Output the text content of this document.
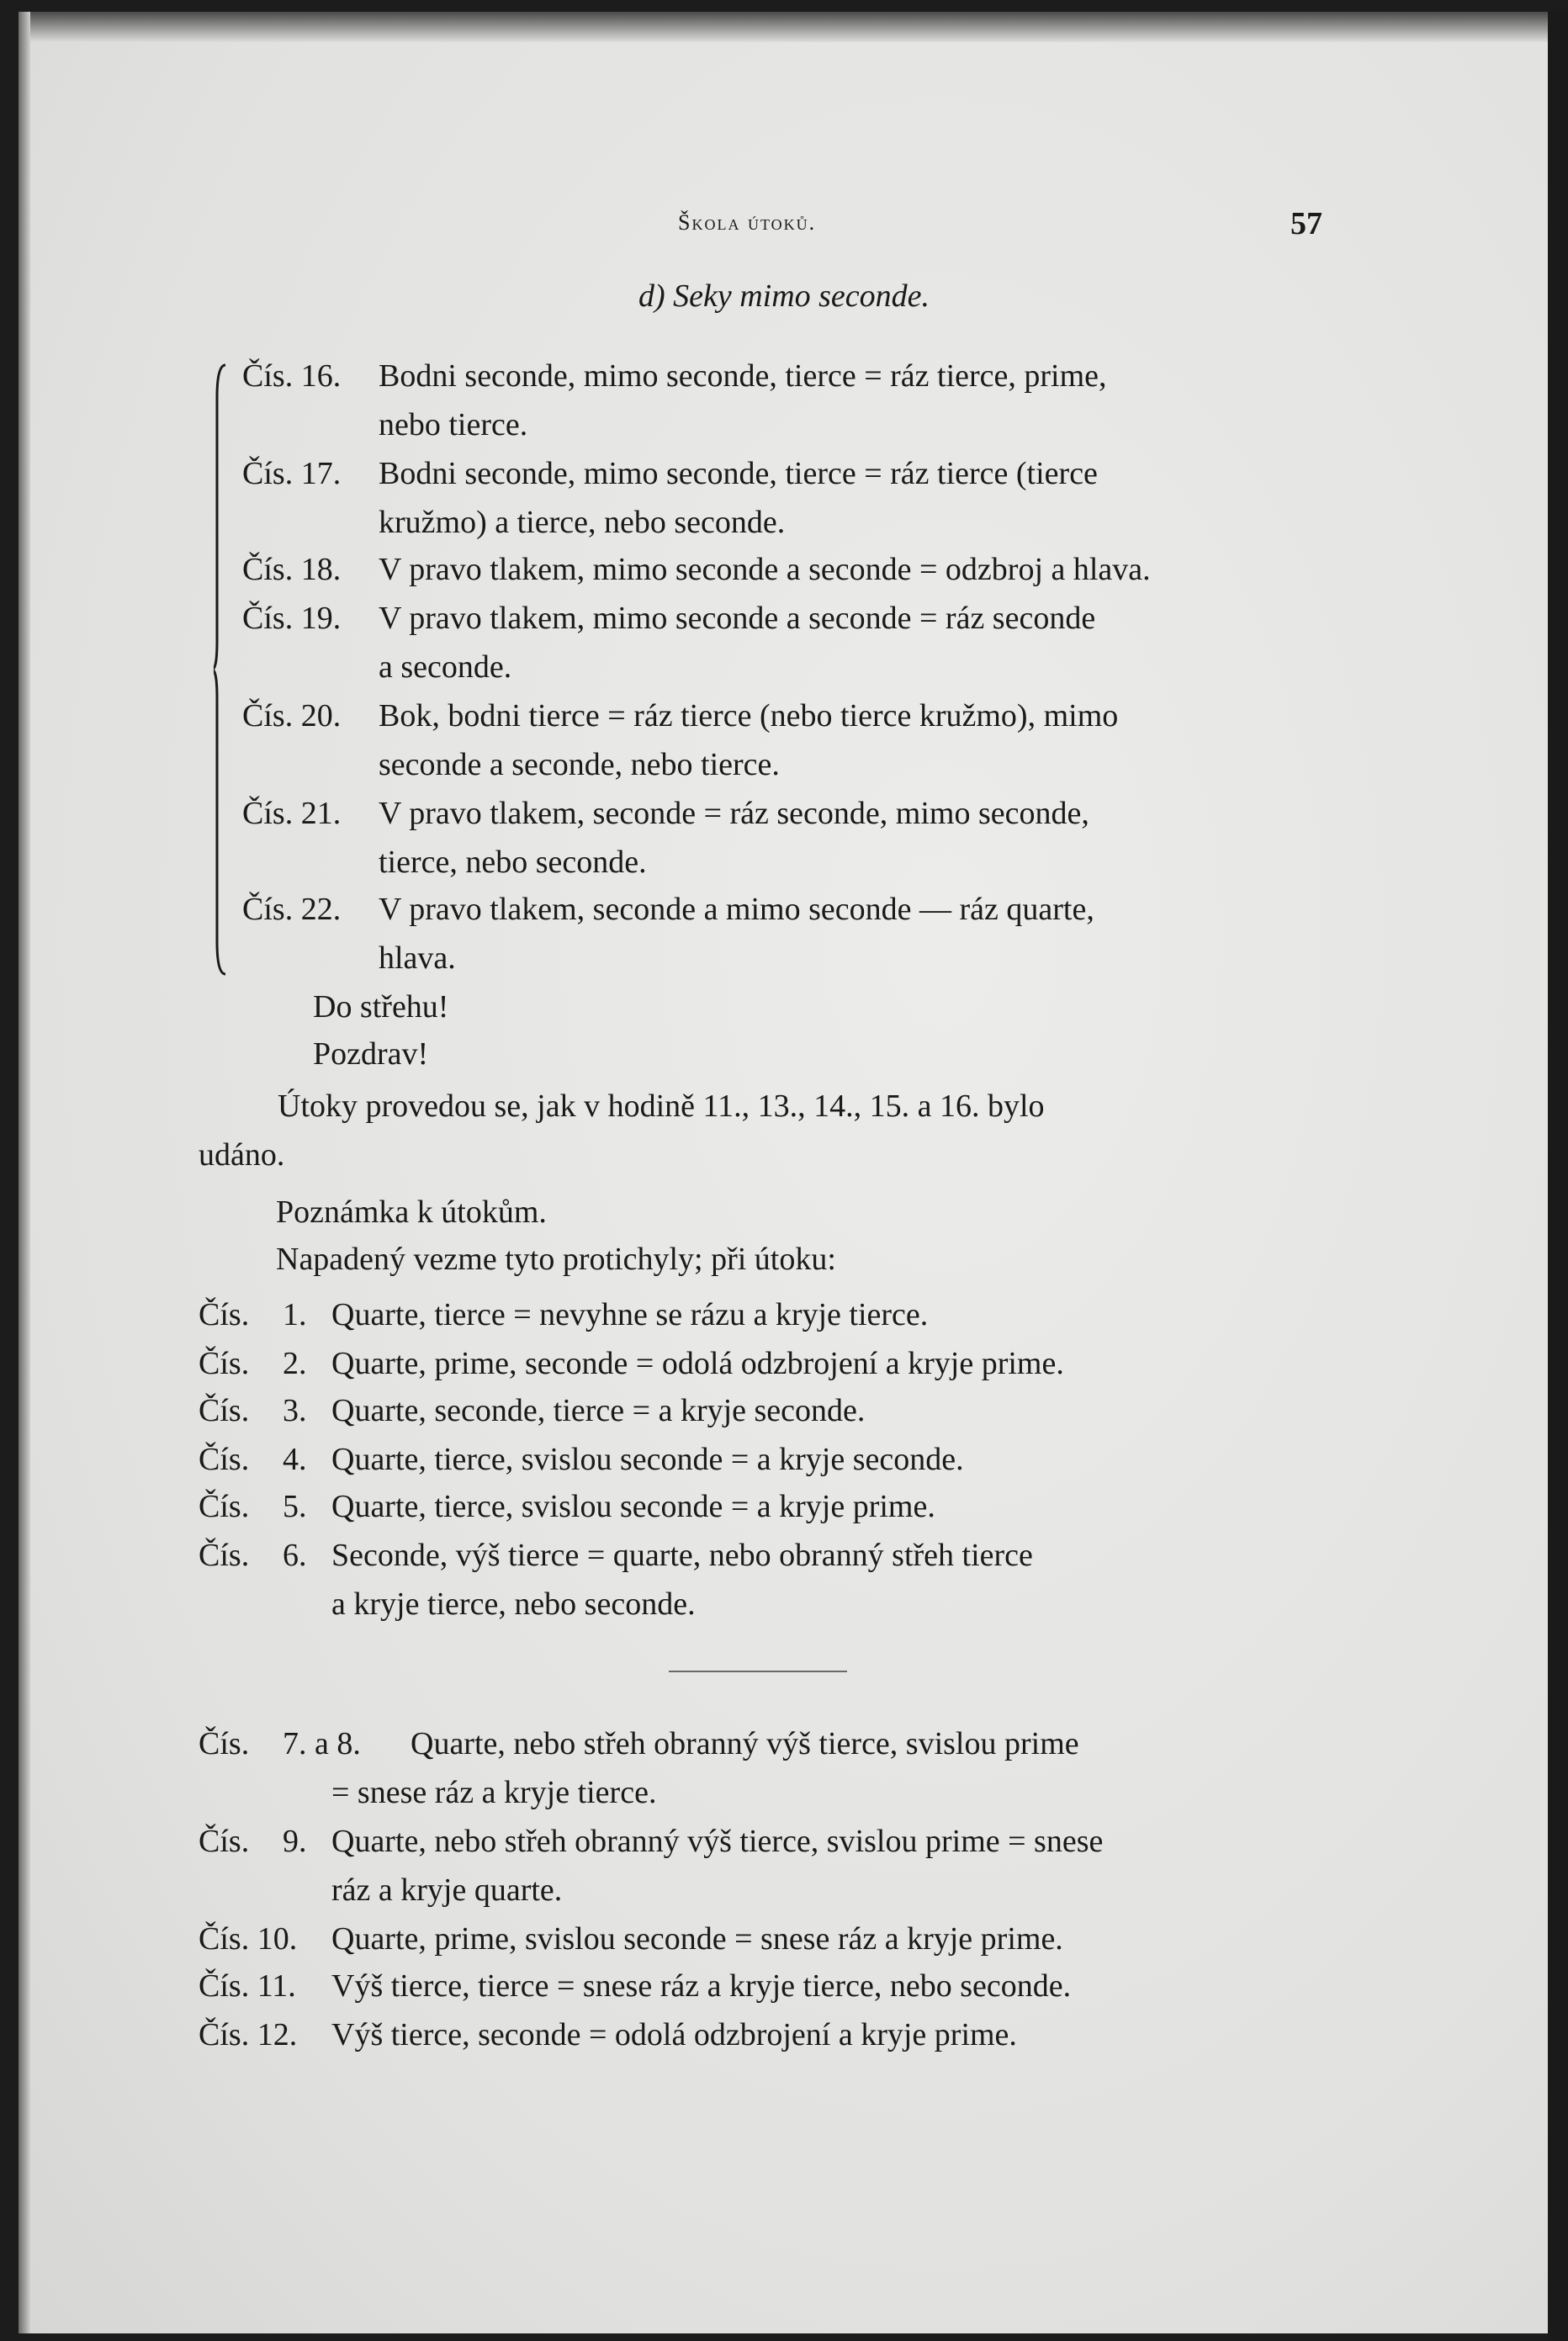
Škola útoků.	57
d) Seky mimo seconde.
Čís. 16. Bodni seconde, mimo seconde, tierce = ráz tierce, prime,
nebo tierce.
Čís. 17. Bodni seconde, mimo seconde, tierce = ráz tierce (tierce
kružmo) a tierce, nebo seconde.
Čís. 18. V pravo tlakem, mimo seconde a seconde = odzbroj a hlava.
Čís. 19. V pravo tlakem, mimo seconde a seconde = ráz seconde
a seconde.
Čís. 20. Bok, bodni tierce = ráz tierce (nebo tierce kružmo), mimo
seconde a seconde, nebo tierce.
Čís. 21. V pravo tlakem, seconde = ráz seconde, mimo seconde,
tierce, nebo seconde.
Čís. 22. V pravo tlakem, seconde a mimo seconde — ráz quarte,
hlava.
Do střehu!
Pozdrav!
Útoky provedou se, jak v hodině 11., 13., 14., 15. a 16. bylo
udáno.
Poznámka k útokům.
Napadený vezme tyto protichyly; při útoku:
Čís. 1. Quarte, tierce = nevyhne se rázu a kryje tierce.
Čís. 2. Quarte, prime, seconde = odolá odzbrojení a kryje prime.
Čís. 3. Quarte, seconde, tierce = a kryje seconde.
Čís. 4. Quarte, tierce, svislou seconde = a kryje seconde.
Čís. 5. Quarte, tierce, svislou seconde = a kryje prime.
Čís. 6. Seconde, výš tierce = quarte, nebo obranný střeh tierce
a kryje tierce, nebo seconde.
Čís. 7. a 8. Quarte, nebo střeh obranný výš tierce, svislou prime
= snese ráz a kryje tierce.
Čís. 9. Quarte, nebo střeh obranný výš tierce, svislou prime = snese
ráz a kryje quarte.
Čís. 10. Quarte, prime, svislou seconde = snese ráz a kryje prime.
Čís. 11. Výš tierce, tierce = snese ráz a kryje tierce, nebo seconde.
Čís. 12. Výš tierce, seconde = odolá odzbrojení a kryje prime.
